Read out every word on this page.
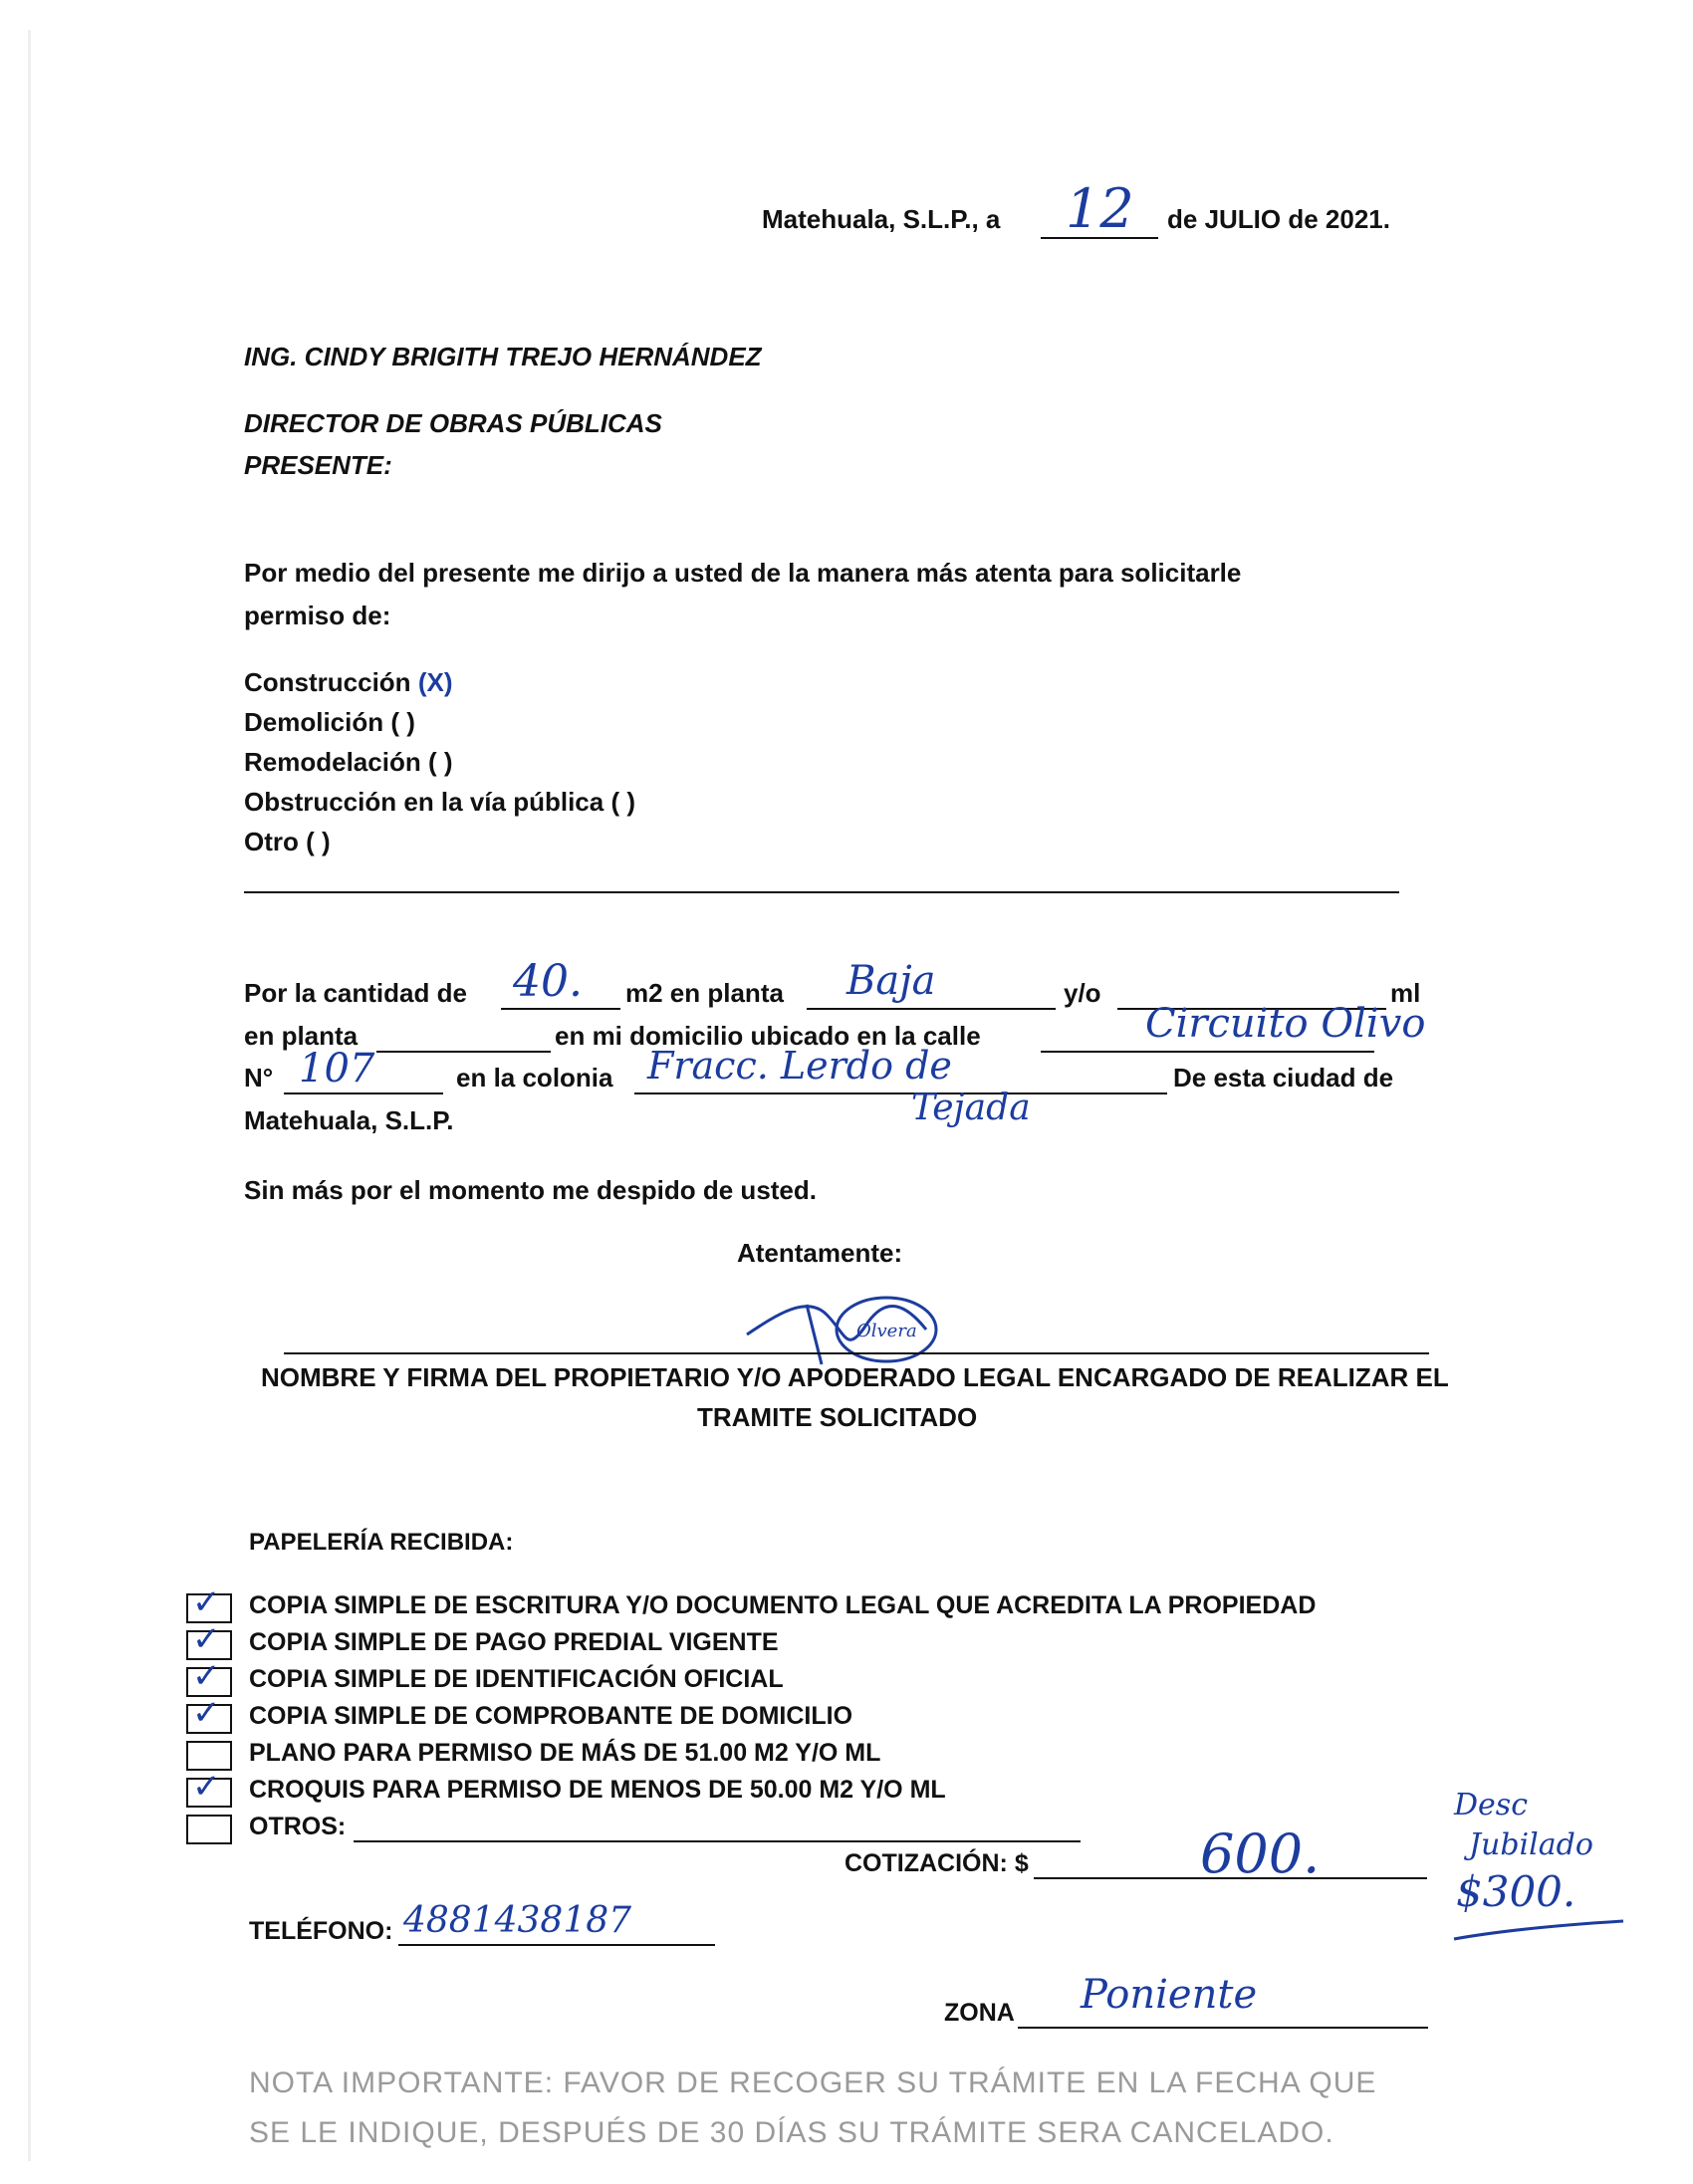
Matehuala, S.L.P., a 12 de JULIO de 2021.
ING. CINDY BRIGITH TREJO HERNÁNDEZ
DIRECTOR DE OBRAS PÚBLICAS
PRESENTE:
Por medio del presente me dirijo a usted de la manera más atenta para solicitarle
permiso de:
Construcción (X)
Demolición ( )
Remodelación ( )
Obstrucción en la vía pública ( )
Otro ( )
Por la cantidad de 40. m2 en planta Baja	y/o	ml
en planta	en mi domicilio ubicado en la calle	Circuito Olivo
N° 107	en la colonia Fracc. Lerdo de
Tejada
De esta ciudad de
Matehuala, S.L.P.
Sin más por el momento me despido de usted.
Atentamente:
Olvera
NOMBRE Y FIRMA DEL PROPIETARIO Y/O APODERADO LEGAL ENCARGADO DE REALIZAR EL
TRAMITE SOLICITADO
PAPELERÍA RECIBIDA:
✓ COPIA SIMPLE DE ESCRITURA Y/O DOCUMENTO LEGAL QUE ACREDITA LA PROPIEDAD
✓ COPIA SIMPLE DE PAGO PREDIAL VIGENTE
✓ COPIA SIMPLE DE IDENTIFICACIÓN OFICIAL
✓ COPIA SIMPLE DE COMPROBANTE DE DOMICILIO
PLANO PARA PERMISO DE MÁS DE 51.00 M2 Y/O ML
✓ CROQUIS PARA PERMISO DE MENOS DE 50.00 M2 Y/O ML
OTROS:
COTIZACIÓN: $	600.
Desc
Jubilado
$300.
TELÉFONO: 4881438187
ZONA Poniente
NOTA IMPORTANTE: FAVOR DE RECOGER SU TRÁMITE EN LA FECHA QUE
SE LE INDIQUE, DESPUÉS DE 30 DÍAS SU TRÁMITE SERA CANCELADO.
